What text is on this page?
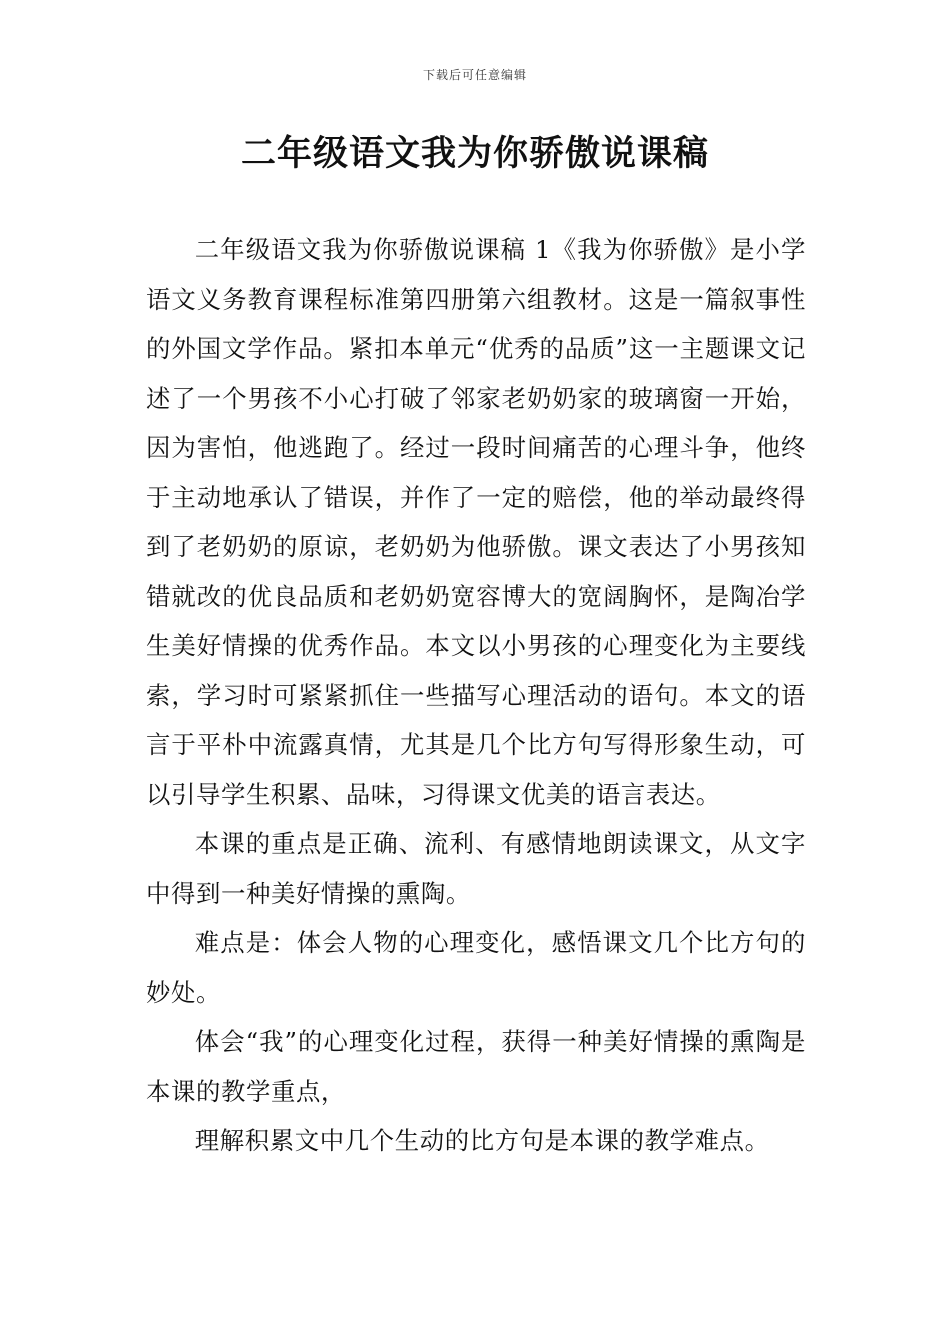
下载后可任意编辑
二年级语文我为你骄傲说课稿

二年级语文我为你骄傲说课稿 1《我为你骄傲》是小学语文义务教育课程标准第四册第六组教材。这是一篇叙事性的外国文学作品。紧扣本单元“优秀的品质”这一主题课文记述了一个男孩不小心打破了邻家老奶奶家的玻璃窗一开始，因为害怕，他逃跑了。经过一段时间痛苦的心理斗争，他终于主动地承认了错误，并作了一定的赔偿，他的举动最终得到了老奶奶的原谅，老奶奶为他骄傲。课文表达了小男孩知错就改的优良品质和老奶奶宽容博大的宽阔胸怀，是陶冶学生美好情操的优秀作品。本文以小男孩的心理变化为主要线索，学习时可紧紧抓住一些描写心理活动的语句。本文的语言于平朴中流露真情，尤其是几个比方句写得形象生动，可以引导学生积累、品味，习得课文优美的语言表达。

本课的重点是正确、流利、有感情地朗读课文，从文字中得到一种美好情操的熏陶。

难点是：体会人物的心理变化，感悟课文几个比方句的妙处。

体会“我”的心理变化过程，获得一种美好情操的熏陶是本课的教学重点，

理解积累文中几个生动的比方句是本课的教学难点。
